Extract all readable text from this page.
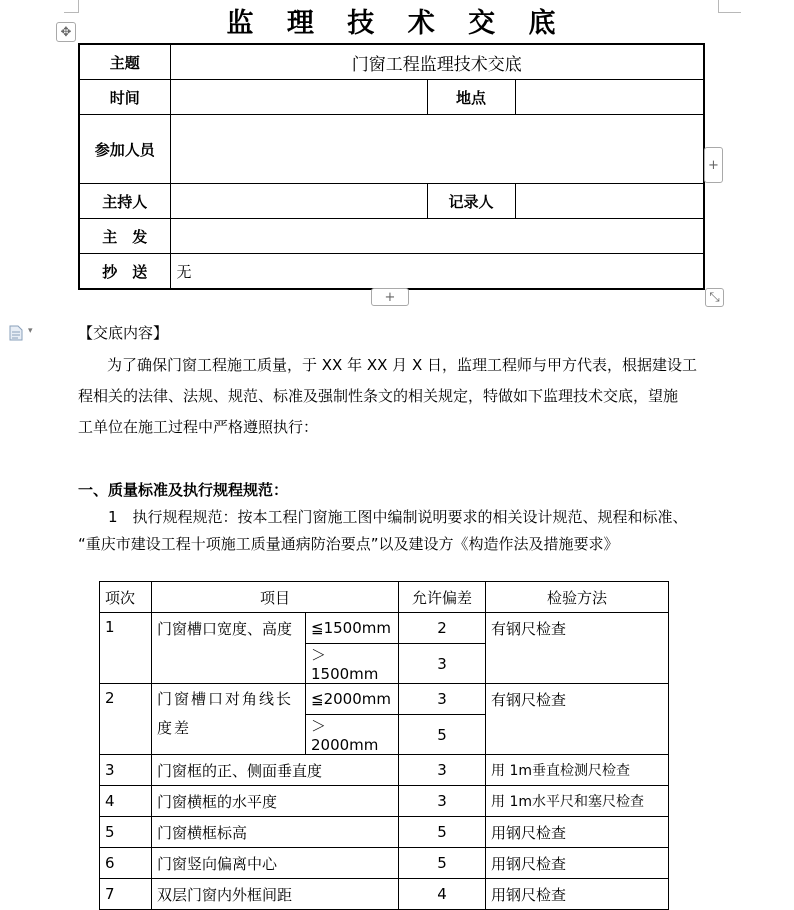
监 理 技 术 交 底
✥
主题	门窗工程监理技术交底		
时间		地点	
参加人员			
主持人		记录人	
主　发			
抄　送	无		
+
+	⤡
▾	【交底内容】
为了确保门窗工程施工质量，于 XX 年 XX 月 X 日，监理工程师与甲方代表，根据建设工
程相关的法律、法规、规范、标准及强制性条文的相关规定，特做如下监理技术交底，望施
工单位在施工过程中严格遵照执行：
一、质量标准及执行规程规范：
1　执行规程规范：按本工程门窗施工图中编制说明要求的相关设计规范、规程和标准、
“重庆市建设工程十项施工质量通病防治要点”以及建设方《构造作法及措施要求》
项次	项目		允许偏差	检验方法
1	门窗槽口宽度、高度	≦1500mm	2	有钢尺检查
		＞1500mm	3	
2	门窗槽口对角线长度差	≦2000mm	3	有钢尺检查
		＞2000mm	5	
3	门窗框的正、侧面垂直度		3	用 1m垂直检测尺检查
4	门窗横框的水平度		3	用 1m水平尺和塞尺检查
5	门窗横框标高		5	用钢尺检查
6	门窗竖向偏离中心		5	用钢尺检查
7	双层门窗内外框间距		4	用钢尺检查
